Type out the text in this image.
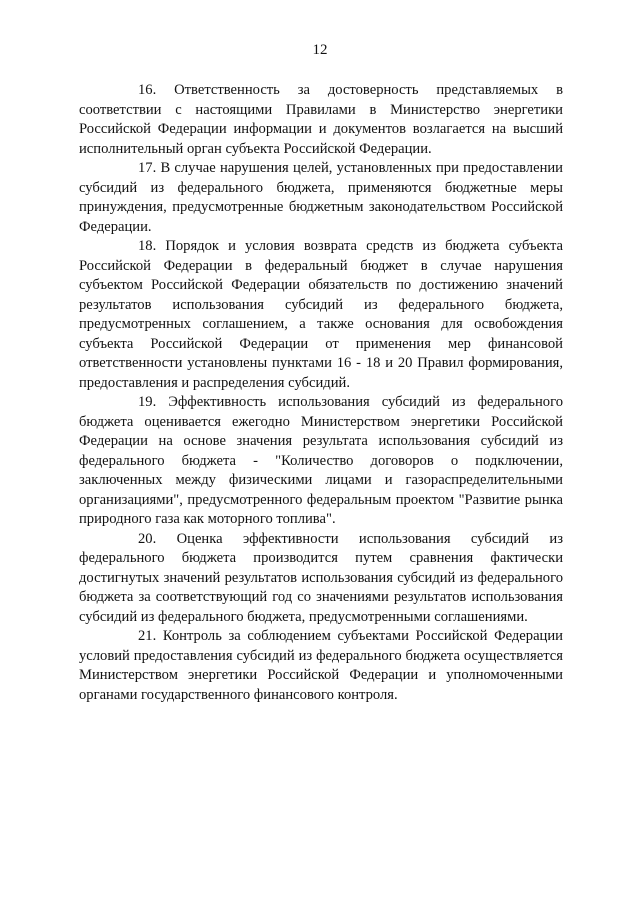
12

16. Ответственность за достоверность представляемых в соответствии с настоящими Правилами в Министерство энергетики Российской Федерации информации и документов возлагается на высший исполнительный орган субъекта Российской Федерации.

17. В случае нарушения целей, установленных при предоставлении субсидий из федерального бюджета, применяются бюджетные меры принуждения, предусмотренные бюджетным законодательством Российской Федерации.

18. Порядок и условия возврата средств из бюджета субъекта Российской Федерации в федеральный бюджет в случае нарушения субъектом Российской Федерации обязательств по достижению значений результатов использования субсидий из федерального бюджета, предусмотренных соглашением, а также основания для освобождения субъекта Российской Федерации от применения мер финансовой ответственности установлены пунктами 16 - 18 и 20 Правил формирования, предоставления и распределения субсидий.

19. Эффективность использования субсидий из федерального бюджета оценивается ежегодно Министерством энергетики Российской Федерации на основе значения результата использования субсидий из федерального бюджета - "Количество договоров о подключении, заключенных между физическими лицами и газораспределительными организациями", предусмотренного федеральным проектом "Развитие рынка природного газа как моторного топлива".

20. Оценка эффективности использования субсидий из федерального бюджета производится путем сравнения фактически достигнутых значений результатов использования субсидий из федерального бюджета за соответствующий год со значениями результатов использования субсидий из федерального бюджета, предусмотренными соглашениями.

21. Контроль за соблюдением субъектами Российской Федерации условий предоставления субсидий из федерального бюджета осуществляется Министерством энергетики Российской Федерации и уполномоченными органами государственного финансового контроля.
